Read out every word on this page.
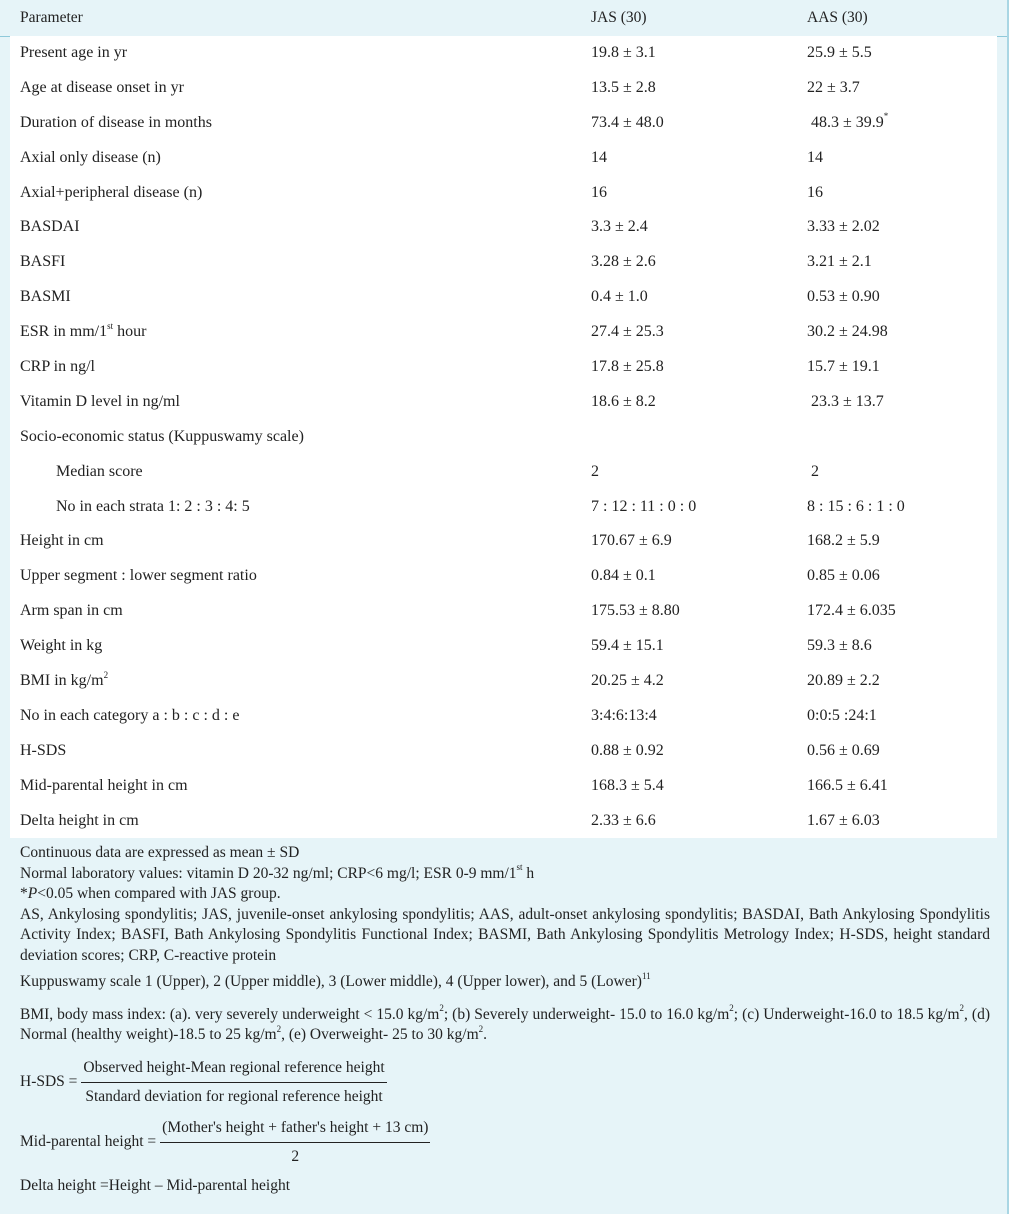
Parameter	JAS (30)	AAS (30)
Present age in yr	19.8 ± 3.1	25.9 ± 5.5
Age at disease onset in yr	13.5 ± 2.8	22 ± 3.7
Duration of disease in months	73.4 ± 48.0	48.3 ± 39.9*
Axial only disease (n)	14	14
Axial+peripheral disease (n)	16	16
BASDAI	3.3 ± 2.4	3.33 ± 2.02
BASFI	3.28 ± 2.6	3.21 ± 2.1
BASMI	0.4 ± 1.0	0.53 ± 0.90
ESR in mm/1st hour	27.4 ± 25.3	30.2 ± 24.98
CRP in ng/l	17.8 ± 25.8	15.7 ± 19.1
Vitamin D level in ng/ml	18.6 ± 8.2	23.3 ± 13.7
Socio-economic status (Kuppuswamy scale)
Median score	2	2
No in each strata 1: 2 : 3 : 4: 5	7 : 12 : 11 : 0 : 0	8 : 15 : 6 : 1 : 0
Height in cm	170.67 ± 6.9	168.2 ± 5.9
Upper segment : lower segment ratio	0.84 ± 0.1	0.85 ± 0.06
Arm span in cm	175.53 ± 8.80	172.4 ± 6.035
Weight in kg	59.4 ± 15.1	59.3 ± 8.6
BMI in $kg/m^2$	20.25 ± 4.2	20.89 ± 2.2
No in each category a : b : c : d : e	3:4:6:13:4	0:0:5 :24:1
H-SDS	0.88 ± 0.92	0.56 ± 0.69
Mid-parental height in cm	168.3 ± 5.4	166.5 ± 6.41
Delta height in cm	2.33 ± 6.6	1.67 ± 6.03

Continuous data are expressed as mean ± SD

Normal laboratory values: vitamin D 20-32 ng/ml; CRP<6 mg/l; ESR 0-9 mm/1st h

*P<0.05 when compared with JAS group.

AS, Ankylosing spondylitis; JAS, juvenile-onset ankylosing spondylitis; AAS, adult-onset ankylosing spondylitis; BASDAI, Bath Ankylosing Spondylitis Activity Index; BASFI, Bath Ankylosing Spondylitis Functional Index; BASMI, Bath Ankylosing Spondylitis Metrology Index; H-SDS, height standard deviation scores; CRP, C-reactive protein

Kuppuswamy scale 1 (Upper), 2 (Upper middle), 3 (Lower middle), 4 (Upper lower), and 5 (Lower)$^{11}$

BMI, body mass index: (a). very severely underweight < 15.0 $kg/m^2$; (b) Severely underweight- 15.0 to 16.0 $kg/m^2$; (c) Underweight-16.0 to 18.5 $kg/m^2$, (d) Normal (healthy weight)-18.5 to 25 $kg/m^2$, (e) Overweight- 25 to 30 $kg/m^2$.

$H-SDS = \frac{\text{Observed height-Mean regional reference height}}{\text{Standard deviation for regional reference height}}$
Mid-parental height = $\frac{\text{(Mother's height + father's height + 13 cm)}}{2}$

Delta height =Height – Mid-parental height
